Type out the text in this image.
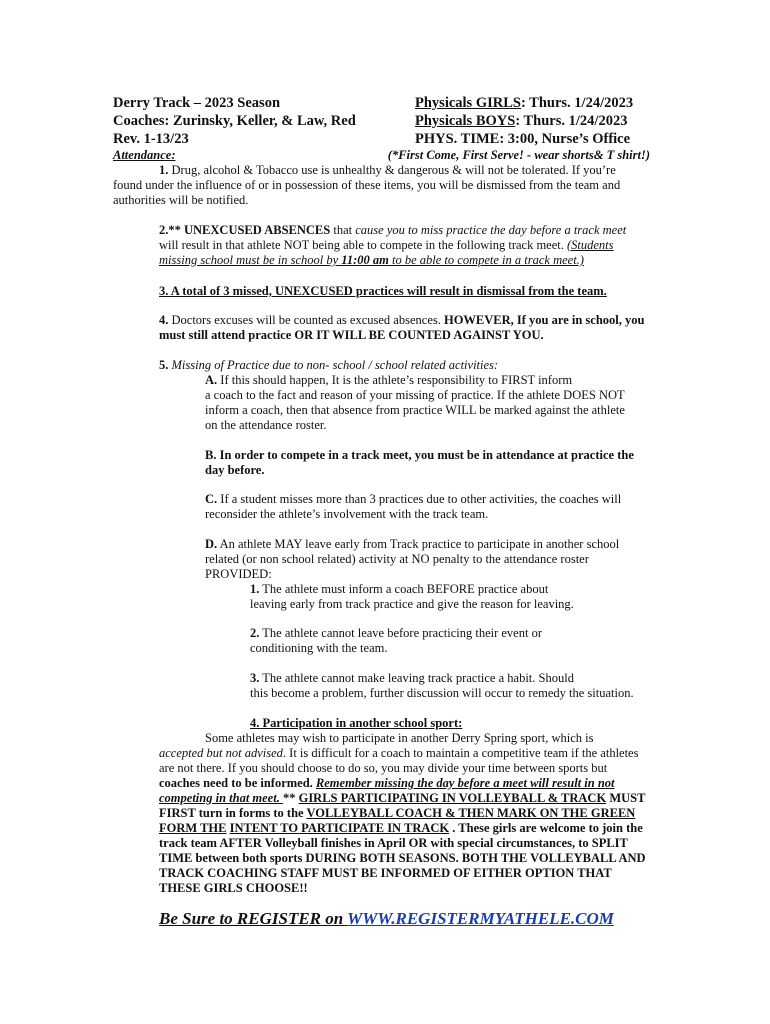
Derry Track – 2023 Season
Coaches: Zurinsky, Keller, & Law, Red
Rev. 1-13/23
Physicals GIRLS: Thurs. 1/24/2023
Physicals BOYS: Thurs. 1/24/2023
PHYS. TIME: 3:00, Nurse’s Office
Attendance:	(*First Come, First Serve! - wear shorts& T shirt!)
1. Drug, alcohol & Tobacco use is unhealthy & dangerous & will not be tolerated. If you’re
found under the influence of or in possession of these items, you will be dismissed from the team and
authorities will be notified.
2.** UNEXCUSED ABSENCES that cause you to miss practice the day before a track meet
will result in that athlete NOT being able to compete in the following track meet. (Students
missing school must be in school by 11:00 am to be able to compete in a track meet.)
3. A total of 3 missed, UNEXCUSED practices will result in dismissal from the team.
4. Doctors excuses will be counted as excused absences. HOWEVER, If you are in school, you
must still attend practice OR IT WILL BE COUNTED AGAINST YOU.
5. Missing of Practice due to non- school / school related activities:
A. If this should happen, It is the athlete’s responsibility to FIRST inform
a coach to the fact and reason of your missing of practice. If the athlete DOES NOT
inform a coach, then that absence from practice WILL be marked against the athlete
on the attendance roster.
B. In order to compete in a track meet, you must be in attendance at practice the
day before.
C. If a student misses more than 3 practices due to other activities, the coaches will
reconsider the athlete’s involvement with the track team.
D. An athlete MAY leave early from Track practice to participate in another school
related (or non school related) activity at NO penalty to the attendance roster
PROVIDED:
1. The athlete must inform a coach BEFORE practice about
leaving early from track practice and give the reason for leaving.
2. The athlete cannot leave before practicing their event or
conditioning with the team.
3. The athlete cannot make leaving track practice a habit. Should
this become a problem, further discussion will occur to remedy the situation.
4. Participation in another school sport:
Some athletes may wish to participate in another Derry Spring sport, which is
accepted but not advised. It is difficult for a coach to maintain a competitive team if the athletes
are not there. If you should choose to do so, you may divide your time between sports but
coaches need to be informed. Remember missing the day before a meet will result in not
competing in that meet. ** GIRLS PARTICIPATING IN VOLLEYBALL & TRACK MUST
FIRST turn in forms to the VOLLEYBALL COACH & THEN MARK ON THE GREEN
FORM THE INTENT TO PARTICIPATE IN TRACK . These girls are welcome to join the
track team AFTER Volleyball finishes in April OR with special circumstances, to SPLIT
TIME between both sports DURING BOTH SEASONS. BOTH THE VOLLEYBALL AND
TRACK COACHING STAFF MUST BE INFORMED OF EITHER OPTION THAT
THESE GIRLS CHOOSE!!
Be Sure to REGISTER on WWW.REGISTERMYATHELE.COM
